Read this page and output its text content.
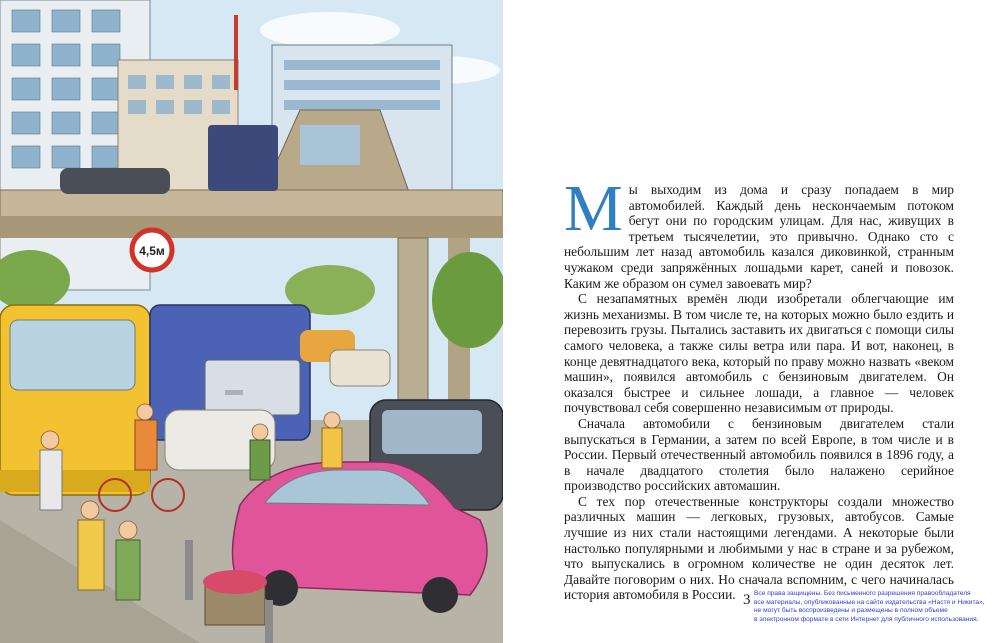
4,5м

Мы выходим из дома и сразу попадаем в мир автомобилей. Каждый день нескончаемым потоком бегут они по городским улицам. Для нас, живущих в третьем тысячелетии, это привычно. Однако сто с небольшим лет назад автомобиль казался диковинкой, странным чужаком среди запряжённых лошадьми карет, саней и повозок. Каким же образом он сумел завоевать мир?

С незапамятных времён люди изобретали облегчающие им жизнь механизмы. В том числе те, на которых можно было ездить и перевозить грузы. Пытались заставить их двигаться с помощи силы самого человека, а также силы ветра или пара. И вот, наконец, в конце девятнадцатого века, который по праву можно назвать «веком машин», появился автомобиль с бензиновым двигателем. Он оказался быстрее и сильнее лошади, а главное — человек почувствовал себя совершенно независимым от природы.

Сначала автомобили с бензиновым двигателем стали выпускаться в Германии, а затем по всей Европе, в том числе и в России. Первый отечественный автомобиль появился в 1896 году, а в начале двадцатого столетия было налажено серийное производство российских автомашин.

С тех пор отечественные конструкторы создали множество различных машин — легковых, грузовых, автобусов. Самые лучшие из них стали настоящими легендами. А некоторые были настолько популярными и любимыми у нас в стране и за рубежом, что выпускались в огромном количестве не один десяток лет. Давайте поговорим о них. Но сначала вспомним, с чего начиналась история автомобиля в России. 3 Все права защищены. Без письменного разрешения правообладателя
все материалы, опубликованные на сайте издательства «Настя и Никита»,
не могут быть воспроизведены и размещены в полном объеме
в электронном формате в сети Интернет для публичного использования.
